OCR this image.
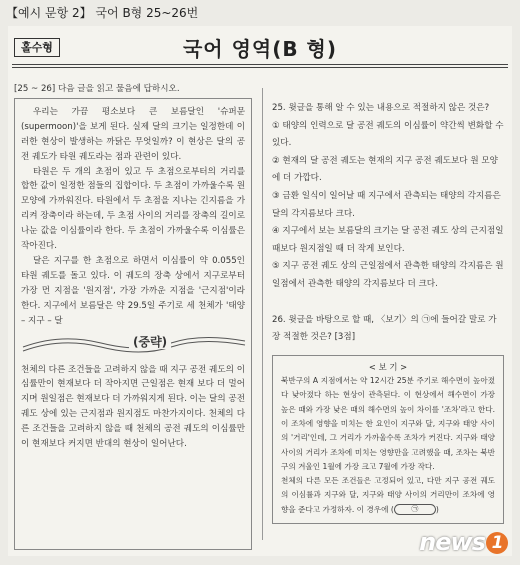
【예시 문항 2】 국어 B형 25~26번
홀수형	국어 영역(B 형)
[25 ~ 26] 다음 글을 읽고 물음에 답하시오.

우리는 가끔 평소보다 큰 보름달인 '슈퍼문(supermoon)'을 보게 된다. 실제 달의 크기는 일정한데 이러한 현상이 발생하는 까닭은 무엇일까? 이 현상은 달의 공전 궤도가 타원 궤도라는 점과 관련이 있다.

타원은 두 개의 초점이 있고 두 초점으로부터의 거리를 합한 값이 일정한 점들의 집합이다. 두 초점이 가까울수록 원 모양에 가까워진다. 타원에서 두 초점을 지나는 긴지름을 가리켜 장축이라 하는데, 두 초점 사이의 거리를 장축의 길이로 나눈 값을 이심률이라 한다. 두 초점이 가까울수록 이심률은 작아진다.

달은 지구를 한 초점으로 하면서 이심률이 약 0.055인 타원 궤도를 돌고 있다. 이 궤도의 장축 상에서 지구로부터 가장 먼 지점을 '원지점', 가장 가까운 지점을 '근지점'이라 한다. 지구에서 보름달은 약 29.5일 주기로 세 천체가 '태양 – 지구 – 달

(중략)

천체의 다른 조건들을 고려하지 않을 때 지구 공전 궤도의 이심률만이 현재보다 더 작아지면 근일점은 현재 보다 더 멀어지며 원일점은 현재보다 더 가까워지게 된다. 이는 달의 공전 궤도 상에 있는 근지점과 원지점도 마찬가지이다. 천체의 다른 조건들을 고려하지 않을 때 천체의 공전 궤도의 이심률만이 현재보다 커지면 반대의 현상이 일어난다.

25. 윗글을 통해 알 수 있는 내용으로 적절하지 않은 것은?

① 태양의 인력으로 달 공전 궤도의 이심률이 약간씩 변화할 수 있다.

② 현재의 달 공전 궤도는 현재의 지구 공전 궤도보다 원 모양에 더 가깝다.

③ 금환 일식이 일어날 때 지구에서 관측되는 태양의 각지름은 달의 각지름보다 크다.

④ 지구에서 보는 보름달의 크기는 달 공전 궤도 상의 근지점일 때보다 원지점일 때 더 작게 보인다.

⑤ 지구 공전 궤도 상의 근일점에서 관측한 태양의 각지름은 원일점에서 관측한 태양의 각지름보다 더 크다.

26. 윗글을 바탕으로 할 때, 〈보기〉의 ㉠에 들어갈 말로 가장 적절한 것은? [3점]

< 보 기 >

북반구의 A 지점에서는 약 12시간 25분 주기로 해수면이 높아졌다 낮아졌다 하는 현상이 관측된다. 이 현상에서 해수면이 가장 높은 때와 가장 낮은 때의 해수면의 높이 차이를 '조차'라고 한다. 이 조차에 영향을 미치는 한 요인이 지구와 달, 지구와 태양 사이의 '거리'인데, 그 거리가 가까울수록 조차가 커진다. 지구와 태양 사이의 거리가 조차에 미치는 영향만을 고려했을 때, 조차는 북반구의 겨울인 1월에 가장 크고 7월에 가장 작다.

천체의 다른 모든 조건들은 고정되어 있고, 다만 지구 공전 궤도의 이심률과 지구와 달, 지구와 태양 사이의 거리만이 조차에 영향을 준다고 가정하자. 이 경우에 (	㉠ )

news 1
